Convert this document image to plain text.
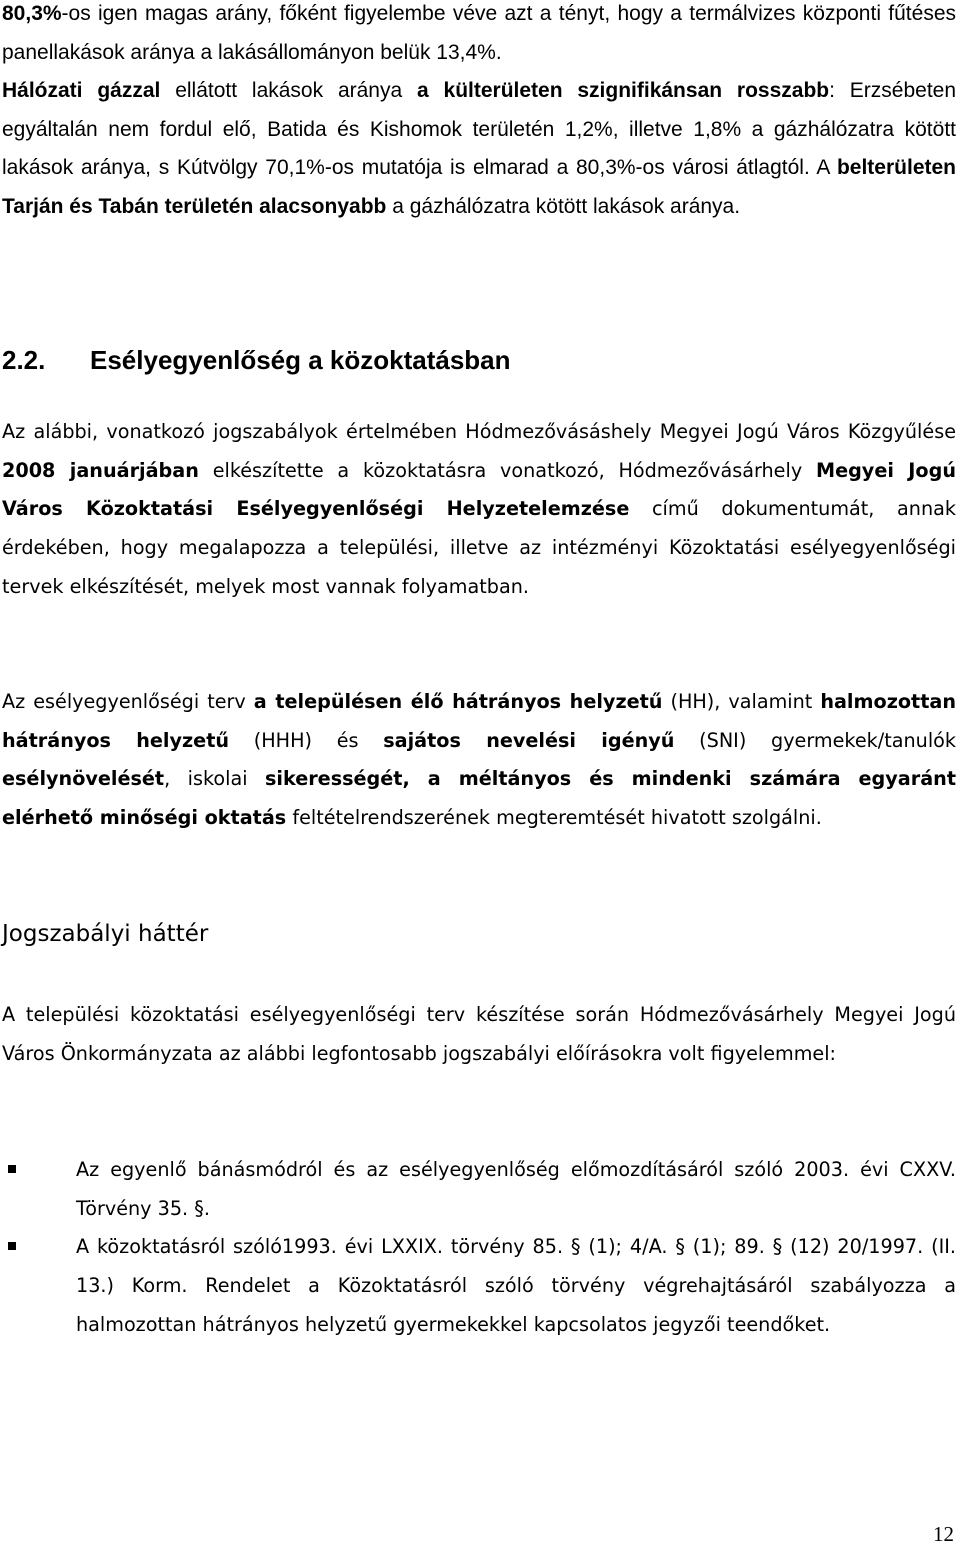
80,3%-os igen magas arány, főként figyelembe véve azt a tényt, hogy a termálvizes központi fűtéses panellakások aránya a lakásállományon belük 13,4%.
Hálózati gázzal ellátott lakások aránya a külterületen szignifikánsan rosszabb: Erzsébeten egyáltalán nem fordul elő, Batida és Kishomok területén 1,2%, illetve 1,8% a gázhálózatra kötött lakások aránya, s Kútvölgy 70,1%-os mutatója is elmarad a 80,3%-os városi átlagtól. A belterületen Tarján és Tabán területén alacsonyabb a gázhálózatra kötött lakások aránya.
2.2. Esélyegyenlőség a közoktatásban
Az alábbi, vonatkozó jogszabályok értelmében Hódmezővásáshely Megyei Jogú Város Közgyűlése 2008 januárjában elkészítette a közoktatásra vonatkozó, Hódmezővásárhely Megyei Jogú Város Közoktatási Esélyegyenlőségi Helyzetelemzése című dokumentumát, annak érdekében, hogy megalapozza a települési, illetve az intézményi Közoktatási esélyegyenlőségi tervek elkészítését, melyek most vannak folyamatban.
Az esélyegyenlőségi terv a településen élő hátrányos helyzetű (HH), valamint halmozottan hátrányos helyzetű (HHH) és sajátos nevelési igényű (SNI) gyermekek/tanulók esélynövelését, iskolai sikerességét, a méltányos és mindenki számára egyaránt elérhető minőségi oktatás feltételrendszerének megteremtését hivatott szolgálni.
Jogszabályi háttér
A települési közoktatási esélyegyenlőségi terv készítése során Hódmezővásárhely Megyei Jogú Város Önkormányzata az alábbi legfontosabb jogszabályi előírásokra volt figyelemmel:
Az egyenlő bánásmódról és az esélyegyenlőség előmozdításáról szóló 2003. évi CXXV. Törvény 35. §.
A közoktatásról szóló1993. évi LXXIX. törvény 85. § (1); 4/A. § (1); 89. § (12) 20/1997. (II. 13.) Korm. Rendelet a Közoktatásról szóló törvény végrehajtásáról szabályozza a halmozottan hátrányos helyzetű gyermekekkel kapcsolatos jegyzői teendőket.
12
